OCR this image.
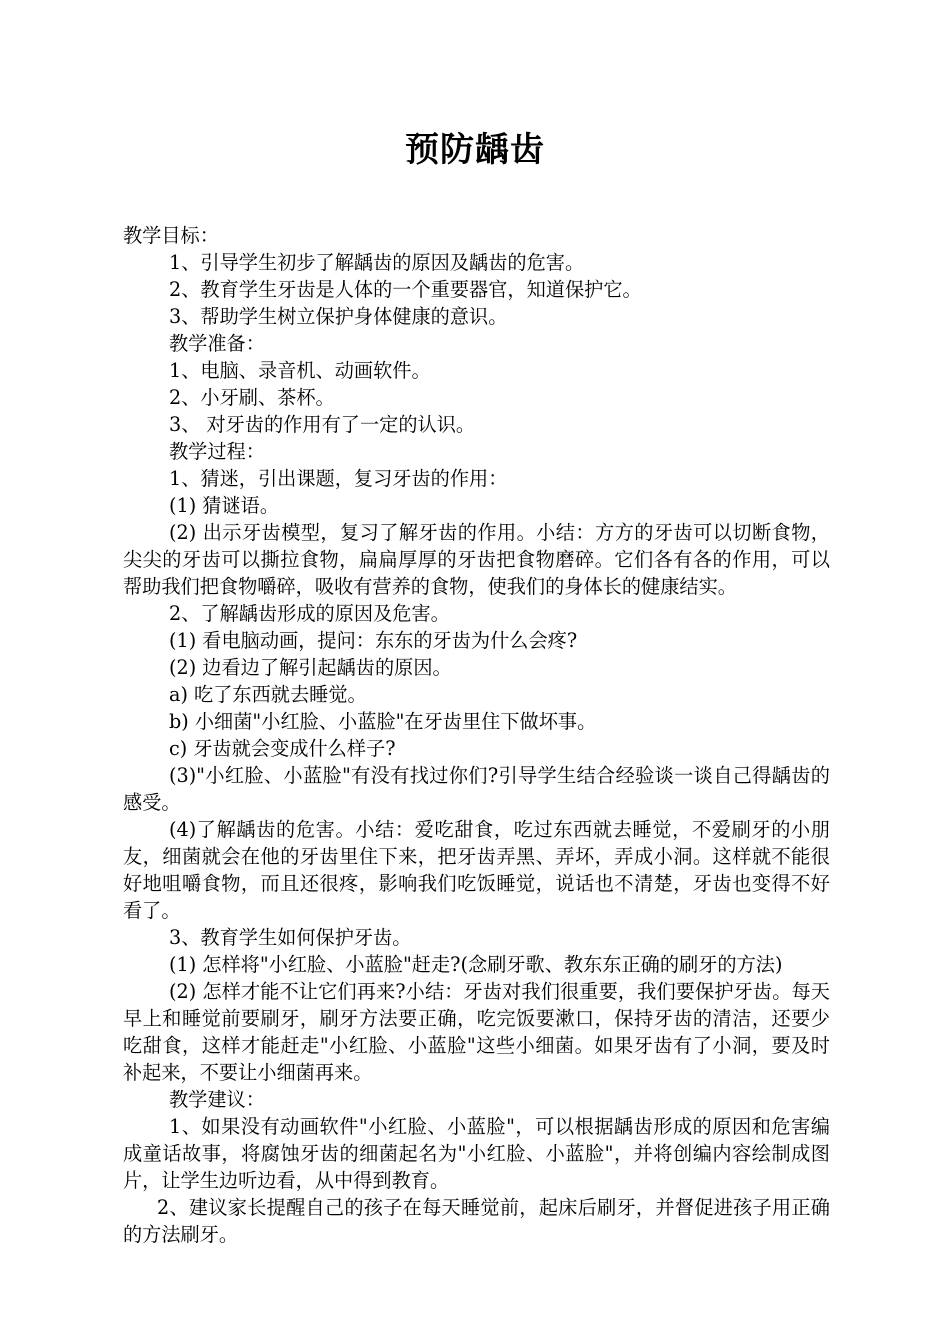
预防龋齿

教学目标：

1、引导学生初步了解龋齿的原因及龋齿的危害。

2、教育学生牙齿是人体的一个重要器官，知道保护它。

3、帮助学生树立保护身体健康的意识。

教学准备：

1、电脑、录音机、动画软件。

2、小牙刷、茶杯。

3、 对牙齿的作用有了一定的认识。

教学过程：

1、猜迷，引出课题，复习牙齿的作用：

(1) 猜谜语。

(2) 出示牙齿模型，复习了解牙齿的作用。小结：方方的牙齿可以切断食物，尖尖的牙齿可以撕拉食物，扁扁厚厚的牙齿把食物磨碎。它们各有各的作用，可以帮助我们把食物嚼碎，吸收有营养的食物，使我们的身体长的健康结实。

2、了解龋齿形成的原因及危害。

(1) 看电脑动画，提问：东东的牙齿为什么会疼?

(2) 边看边了解引起龋齿的原因。

a) 吃了东西就去睡觉。

b) 小细菌"小红脸、小蓝脸"在牙齿里住下做坏事。

c) 牙齿就会变成什么样子?

(3)"小红脸、小蓝脸"有没有找过你们?引导学生结合经验谈一谈自己得龋齿的感受。

(4)了解龋齿的危害。小结：爱吃甜食，吃过东西就去睡觉，不爱刷牙的小朋友，细菌就会在他的牙齿里住下来，把牙齿弄黑、弄坏，弄成小洞。这样就不能很好地咀嚼食物，而且还很疼，影响我们吃饭睡觉，说话也不清楚，牙齿也变得不好看了。

3、教育学生如何保护牙齿。

(1) 怎样将"小红脸、小蓝脸"赶走?(念刷牙歌、教东东正确的刷牙的方法)

(2) 怎样才能不让它们再来?小结：牙齿对我们很重要，我们要保护牙齿。每天早上和睡觉前要刷牙，刷牙方法要正确，吃完饭要漱口，保持牙齿的清洁，还要少吃甜食，这样才能赶走"小红脸、小蓝脸"这些小细菌。如果牙齿有了小洞，要及时补起来，不要让小细菌再来。

教学建议：

1、如果没有动画软件"小红脸、小蓝脸"，可以根据龋齿形成的原因和危害编成童话故事，将腐蚀牙齿的细菌起名为"小红脸、小蓝脸"，并将创编内容绘制成图片，让学生边听边看，从中得到教育。

2、建议家长提醒自己的孩子在每天睡觉前，起床后刷牙，并督促进孩子用正确的方法刷牙。
